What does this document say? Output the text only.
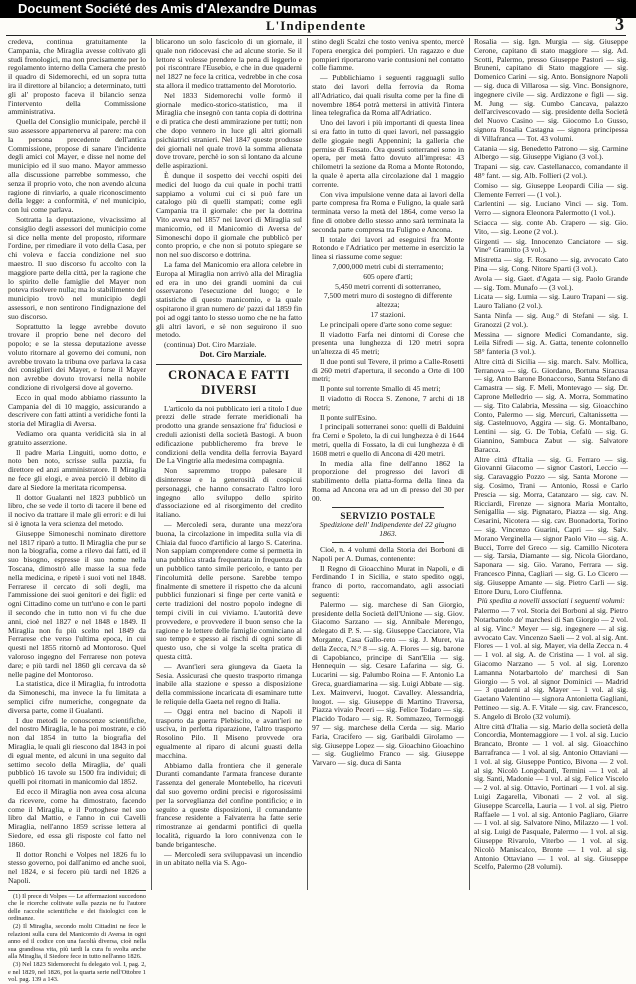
Document Société des Amis d'Alexandre Dumas
L'Indipendente	3

credeva, continua gratuitamente la Campania, che Miraglia avesse coltivato gli studi frenologici, ma non precisamente per lo regolamento interno della Camera che prestò il quadro di Sidemorechi, ed un sopra tutta ira il direttore al bilancio; a determinato, tutti gli al' proposto faceva il bilancio senza l'intervento della Commissione amministrativa.

Quella del Consiglio municipale, perchè il suo assessore appartenerva al parere: ma con la persona precedente dell'antica Commissione, propose di sanare l'incidente degli amici col Mayer, e disse nel nome del municipio ed il suo mano. Mayor ammesso alla discussione parrebbe sommesso, che senza il proprio voto, che non avendo alcuna ragione di rinviarlo, a quale riconoscimento della legge: a conformità, e' nel municipio, con lui come parlava.

Sottratta la deputazione, vivacissimo al consiglio degli assessori del municipio come si dice nella mente del proposto, riformare l'ordine, per rimediare il voto della Casa, per chi voleva e faccia condizione nel suo maestro. Il suo discorso fu accolto con la maggiore parte della città, per la ragione che lo spirito delle famiglie del Mayer non poteva risolvere nulla; ma lo stabilimento del municipio trovò nel municipio degli assessori, e non sentirono l'indignazione del suo discorso.

Soprattutto la legge avrebbe dovuto trovare il proprio bene nel decoro del popolo; e se la stessa deputazione avesse voluto ritornare al governo dei comuni, non avrebbe trovato la tribuna ove parlava la casa dei consiglieri dei Mayer, e forse il Mayer non avrebbe dovuto trovarsi nella nobile condizione di rivolgersi dove al governo.

Ecco in qual modo abbiamo riassunto la Campania del di 10 maggio, assicurando a descrivere con fatti attinti a veridiche fonti la storia del Miraglia di Aversa.

Vediamo ora quanta veridicità sia in al gratuito asserzione.

Il padre Maria Linguiti, uomo dotto, e noto ben noto, scrisse sulla pazzia, fu direttore ed anzi amministratore. Il Miraglia ne fece gli elogi, e avea perciò il debito di dare al Siedore la meritata ricompensa.

Il dottor Gualanti nel 1823 pubblicò un libro, che se vede il torto di tacere il bene ed il nocivo da trattare il male gli errori: e di lui si è ignota la vera scienza del metodo.

Giuseppe Simoneschi nominato direttore nel 1817 riparò a tutto. Il Miraglia che pur se non la biografia, come a rilevo dai fatti, ed il suo bisogno, espresse il suo nome nella Toscana, dimostrò alle masse la sua fede nella medicina, e ripetè i suoi voti nel 1848. Ferrarese il cercato di soli degli, ma l'ammissione dei suoi genitori e dei figli: ed ogni Cittadino come un tutt'uno e con le parti il secondo che in tutto non vi fu che due anni, cioè nel 1827 e nel 1848 e 1849. Il Miraglia non fu più scelto nel 1849 da Ferrarese che verso l'ultima epoca, in cui questi nel 1855 ritornò ad Montoroso. Quel valoroso ingegno del Ferrarese non poteva dare; e più tardi nel 1860 gli cercava da sè nelle pagine del Montoroso.

La statistica, dice il Miraglia, fu introdotta da Simoneschi, ma invece la fu limitata a semplici cifre numeriche, congegnate da diversa parte, come il Gualanti.

I due metodi le conoscenze scientifiche, del nostro Miraglia, le ha poi mostrate, e ciò non dal 1854 in tutto la biografia del Miraglia, le quali gli riescono dal 1843 in poi di egual mente, ed alcuni in una seguito dal settimo secolo della Miraglia, de' quali pubblicò 16 tavole su 1500 fra individui; di quelli poi ritornati in manicomio dal 1852.

Ed ecco il Miraglia non avea cosa alcuna da ricevere, come ha dimostrato, facendo come il Miraglia, e il Portoghese nel suo libro dal Mattio, e l'anno in cui Cavelli Miraglia, nell'anno 1859 scrisse lettera al Siedore, ed essa gli risposte col fatto nel 1860.

Il dottor Ronchi e Volpes nel 1826 fu lo stesso governo, poi dall'animo ed anche suoi, nel 1824, e si fecero più tardi nel 1826 a Napoli.

(1) Il prece di Volpes — Le affermazioni succedono che le ricerche coltivate sulla pazzia ne fu l'autore delle raccolte scientifiche e dei fisiologici con le ordinanze.

(2) Il Miraglia, secondo molti Cittadini ne fece le relazioni sulla cura del Manicomio di Aversa in ogni anno ed il codice con una facoltà diversa, cioè nella sua grandiosa vita, più tardi la cura fu svolta anche alla Miraglia, il Siedore fece in tutto nell'anno 1826.

(3) Nel 1823 Sidemorechi fu delegato vol. I, pag. 2, e nel 1829, nel 1826, poi la quarta serie nell'Ottobre 1 vol. pag. 139 a 143.

blicarono un solo fascicolo di un giornale, il quale non ridocevasi che ad alcune storie. Se il lettore si volesse prendere la pena di leggerlo e poi riscontrare l'Eusebio, e che in due quaderni nel 1827 ne fece la critica, vedrebbe in che cosa sta allora il medico trattamento del Morotorio.

Nel 1833 Sidemorechi volle formò il giornale medico-storico-statistico, ma il Miraglia che insegnò con tanta copia di dottrina e di pratica che desti ammirazione per tutti; non che dopo vennero in luce gli altri giornali psichiatrici stranieri. Nel 1847 queste produsse dei giornali nel quale trovò la somma alienata dove trovare, perchè io son sì lontano da alcune delle aspirazioni.

È dunque il sospetto dei vecchi ospiti dei medici del luogo da cui quale in pochi tratti sappiamo a volumi cui ci si può fare un catalogo più di quelli stampati; come egli Campania tra il giornale: che per la dottrina Vito aveva nel 1857 nei lavori di Miraglia sul manicomio, ed il Manicomio di Aversa de' Simoneschi dopo il giornale che pubblicò per conto proprio, e che non si potuto spiegare se non nel suo discorso e dottrina.

La fama del Manicomio era allora celebre in Europa al Miraglia non arrivò alla del Miraglia ed era in uno dei grandi uomini da cui osservarono l'esecuzione del luogo; e le statistiche di questo manicomio, e la quale ospitarono il gran numero de' pazzi dal 1859 fin poi ad oggi tanto lo stesso uomo che ne ha fatto gli altri lavori, e sè non seguirono il suo metodo.

(continua) Dot. Ciro Marziale.

Dot. Ciro Marziale.

CRONACA E FATTI DIVERSI

L'articolo da noi pubblicato ieri a titolo I due prezzi delle strade ferrate meridionali ha prodotto una grande sensazione fra' fiduciosi e creduli azionisti della società Bastogi. A buon edificazione pubblicheremo fra breve le condizioni della vendita della ferrovia Bayard De La Vingtrie alla medesima compagnia.

Non sapremmo troppo palesare il disinteresse e la generosità di cospicui personaggi, che hanno consacrato l'altro loro ingegno allo sviluppo dello spirito d'associazione ed al risorgimento del credito italiano.

— Mercoledì sera, durante una mezz'ora buona, la circolazione in impedita sulla via di Chiaia dal fuoco d'artificio al largo S. Caterina. Non sappiam comprendere come si permetta in una pubblica strada frequentata in frequenza da un pubblico tanto simile pericolo, e tanto per l'incolumità delle persone. Sarebbe tempo finalmente di smettere il rispetto che da alcuni pubblici funzionari si finge per certe vanità e certe tradizioni del nostro popolo indegne di tempi civili in cui viviamo. L'autorità deve provvedere, e provvedere il buon senso che la ragione e le lettere delle famiglie cominciano al suo tempo e spesso ai rischi di ogni sorte di questo uso, che si volge la scelta pratica di questa città.

— Avant'ieri sera giungeva da Gaeta la Sesia. Assicurasi che questo trasporto rimanga inabile alla stazione e spesso a disposizione della commissione incaricata di esaminare tutte le reliquie della Gaeta nel regno di Italia.

— Oggi entra nel bacino di Napoli il trasporto da guerra Plebiscito, e avant'ieri ne usciva, in perfetta riparazione, l'altro trasporto Rosolino Pilo. Il Miseno provvede ora egualmente al riparo di alcuni guasti della macchina.

Abbiamo dalla frontiera che il generale Duranti comandante l'armata francese durante l'assenza del generale Montebello, ha ricevuti dal suo governo ordini precisi e rigorosissimi per la sorveglianza del confine pontificio; e in seguito a queste disposizioni, il comandante francese residente a Falvaterra ha fatte serie rimostranze ai gendarmi pontifici di quella località, riguardo la loro connivenza con le bande brigantesche.

— Mercoledì sera sviluppavasi un incendio in un abitato nella via S. Ago-

stino degli Scalzi che tosto veniva spento, mercè l'opera energica dei pompieri. Un ragazzo e due pompieri riportarono varie contusioni nel contatto colle fiamme.

— Pubblichiamo i seguenti ragguagli sullo stato dei lavori della ferrovia da Roma all'Adriatico, dai quali risulta come per la fine di novembre 1864 potrà mettersi in attività l'intera linea telegrafica da Roma all'Adriatico.

Uno dei lavori i più importanti di questa linea si era fatto in tutto di quei lavori, nel passaggio delle giogaie negli Appennini; la galleria che permise di Fossato. Ora questi sotterranei sono in opera, per metà fatto dovuto all'impresa: 43 chilometri la sezione da Roma a Monte Rotondo, la quale è aperta alla circolazione dal 1 maggio corrente.

Con viva impulsione venne data ai lavori della parte compresa fra Roma e Fuligno, la quale sarà terminata verso la metà del 1864, come verso la fine di ottobre dello stesso anno sarà terminata la seconda parte compresa tra Fuligno e Ancona.

Il totale dei lavori ad eseguirsi fra Monte Rotondo e l'Adriatico per metterne in esercizio la linea si riassume come segue:

7,000,000 metri cubi di sterramento;

605 opere d'arti;

5,450 metri correnti di sotterraneo,

7,500 metri muro di sostegno di differente altezza;

17 stazioni.

Le principali opere d'arte sono come segue:

Il viadotto Farfa nei dintorni di Corese che presenta una lunghezza di 120 metri sopra un'altezza di 45 metri;

Il due ponti sul Tevere, il primo a Calle-Rosetti di 260 metri d'apertura, il secondo a Orte di 100 metri;

Il ponte sul torrente Smallo di 45 metri;

Il viadotto di Rocca S. Zenone, 7 archi di 18 metri;

Il ponte sull'Esino.

I principali sotterranei sono: quelli di Balduini fra Cerni e Spoleto, la di cui lunghezza è di 1644 metri, quella di Fossato, la di cui lunghezza è di 1608 metri e quello di Ancona di 420 metri.

In media alla fine dell'anno 1862 la proporzione del progresso dei lavori di stabilimento della piatta-forma della linea da Roma ad Ancona era ad un di presso del 30 per 00.

SERVIZIO POSTALE
Spedizione dell' Indipendente del 22 giugno 1863.

Cioè, n. 4 volumi della Storia dei Borboni di Napoli per A. Dumas, contenente:

Il Regno di Gioacchino Murat in Napoli, e di Ferdinando I in Sicilia, e stato spedito oggi, franco di porto, raccomandato, agli associati seguenti:

Palermo — sig. marchese di San Giorgio, presidente della Società dell'Unione — sig. Giov. Giacomo Sarzano — sig. Annibale Merengo, delegato di P. S. — sig. Giuseppe Cacciatore, Via Morgante, Casa Gallo-reto — sig. J. Muret, via della Zecca, N.° 8 — sig. A. Flores — sig. barone di Capobianco, principe di Sant'Elia — sig. Hennequin — sig. Cesare Lafarina — sig. G. Lucarini — sig. Palumbo Roina — F. Antonio La Greca, guardiamarina — sig. Luigi Abbate — sig. Lex. Mainvervi, luogot. Cavalley. Alessandria, luogot. — sig. Giuseppe di Martino Traversa, Piazza vivaio Peceri — sig. Felice Todaro — sig. Placido Todaro — sig. R. Sommazeo, Termoggi 97 — sig. marchese della Cerda — sig. Mario Faria, Cracifero — sig. Garibaldi Girolamo — sig. Giuseppe Lopez — sig. Gioachino Gioachino — sig. Guglielmo Franco — sig. Giuseppe Varvaro — sig. duca di Santa

Rosalia — sig. Ign. Murgia — sig. Giuseppe Cerone, capitano di stato maggiore — sig. Ad. Scotti, Palermo, presso Giuseppe Pastori — sig. Bruneni, capitano di Stato maggiore — sig. Domenico Carini — sig. Anto. Bonsignore Napoli — sig. duca di Villarosa — sig. Vinc. Bonsignore, ingegnere civile — sig. Ardizzone e figli — sig. M. Jung — sig. Cumbo Cancava, palazzo dell'arcivescovado — sig. presidente della Società del Nuovo Casino — sig. Giocomo Lo Gusso, signora Rosalia Castagna — signora principessa di Villafranca — Tot. 43 volumi.

Catania — sig. Benedetto Patrono — sig. Carmine Albergo — sig. Giuseppe Vigiano (3 vol.).

Trapani — sig. cav. Castellanacco, comandante il 48° fant. — sig. Alb. Follieri (2 vol.).

Comiso — sig. Giuseppe Leopardi Cilia — sig. Clemente Ferreri — (1 vol.).

Carlentini — sig. Luciano Vinci — sig. Tom. Verro — signora Eleonora Palermotto (1 vol.).

Sciacca — sig. conte Ab. Crapero — sig. Gio. Vito, — sig. Leone (2 vol.).

Girgenti — sig. Innocenzo Canciatore — sig. Vine° Gramitto (3 vol.).

Mistretta — sig. F. Rosano — sig. avvocato Cato Pina — sig. Cong. Nitore Sparti (3 vol.).

Avola — sig. Gaet. d'Agata — sig. Paolo Grande — sig. Tom. Munafo — (3 vol.).

Licata — sig. Lumia — sig. Lauro Trapani — sig. Lauro Taliano (2 vol.).

Santa Ninfa — sig. Aug.° di Stefani — sig. I. Granozzi (2 vol.).

Messina — signore Medici Comandante, sig. Leila Sifredi — sig. A. Gatta, tenente colonnello 58° fanteria (3 vol.).

Altre città di Sicilia — sig. march. Salv. Mollica, Terranova — sig. G. Giordano, Bortuna Siracusa — sig. Anto Barone Bonaccorso, Santa Stefano di Camastra — sig. F. Meli, Montevago — sig. Dr. Caprone Melledrio — sig. A. Morra, Sommatino — sig. Tito Calabria, Messina — sig. Gioacchino Conto, Palermo — sig. Mercuri, Caltanissetta — sig. Castelnuovo, Aggira — sig. G. Montalbano, Lentini — sig. G. De Tobia, Cefalù — sig. G. Giannino, Sambuca Zabut — sig. Salvatore Baracca.

Altre città d'Italia — sig. G. Ferraro — sig. Giovanni Giacomo — signor Castori, Leccio — sig. Caravaggio Pozzo — sig. Santa Morone — sig. Cosimo, Trani — Antonio, Rossi e Carlo Prescia — sig. Morra, Catanzaro — sig. cav. N. Ricciardi, Firenze — signora Maria Montalto, Senigallia — sig. Pignataro, Piazza — sig. Ang. Cesarini, Nicotera — sig. cav. Buonadorta, Torino — sig. Vincenzo Guarini, Capri — sig. Salv. Morano Verginella — signor Paolo Vito — sig. A. Bucci, Torre del Greco — sig. Camillo Nicotera — sig. Tarsia, Diamante — sig. Nicola Giordano, Saponara — sig. Gio. Varano, Ferrara — sig. Francesco Pinna, Cagliari — sig. G. Lo Cicero — sig. Giuseppe Amante — sig. Pietro Carli — sig. Ettore Duru, Loro Ciuffenna.

Più spedita a novelli associati i seguenti volumi:

Palermo — 7 vol. Storia dei Borboni al sig. Pietro Notarbartolo de' marchesi di San Giorgio — 2 vol. al sig. Vinc.° Meyer — sig. ingegnere — al sig. avvocato Cav. Vincenzo Saeli — 2 vol. al sig. Ant. Flores — 1 vol. al sig. Mayer, via della Zecca n. 4 — 1 vol. al sig. A. de Cristina — 1 vol. al sig. Giacomo Narzano — 5 vol. al sig. Lorenzo Lamanna Notarbartolo de' marchesi di San Giorgio — 5 vol. al signor Dominici — Madrid — 3 quaderni al sig. Mayer — 1 vol. al sig. Gaetano Valentino — signora Antonietta Gagliani, Pettineo — sig. A. F. Vitale — sig. cav. Francesco, S. Angelo di Brolo (32 volumi).

Altre città d'Italia — sig. Mario della società della Concordia, Montemaggiore — 1 vol. al sig. Lucio Brancato, Bronte — 1 vol. al sig. Gioacchino Barrafranca — 1 vol. al sig. Antonio Ottaviani — 1 vol. al sig. Giuseppe Pontico, Bivona — 2 vol. al sig. Nicolò Longobardi, Termini — 1 vol. al sig. Santi, Madonie — 1 vol. al sig. Felice Viscelo — 2 vol. al sig. Ottavio, Portinari — 1 vol. al sig. Luigi Zagarella, Vibonati — 2 vol. al sig. Giuseppe Scarcella, Lauria — 1 vol. al sig. Pietro Raffaele — 1 vol. al sig. Antonio Pagliaro, Giarre — 1 vol. al sig. Salvatore Nino, Milazzo — 1 vol. al sig. Luigi de Pasquale, Palermo — 1 vol. al sig. Giuseppe Rivarolo, Viterbo — 1 vol. al sig. Nicolò Maniscalco, Bronte — 1 vol. al sig. Antonio Ottaviano — 1 vol. al sig. Giuseppe Scelfo, Palermo (28 volumi).
